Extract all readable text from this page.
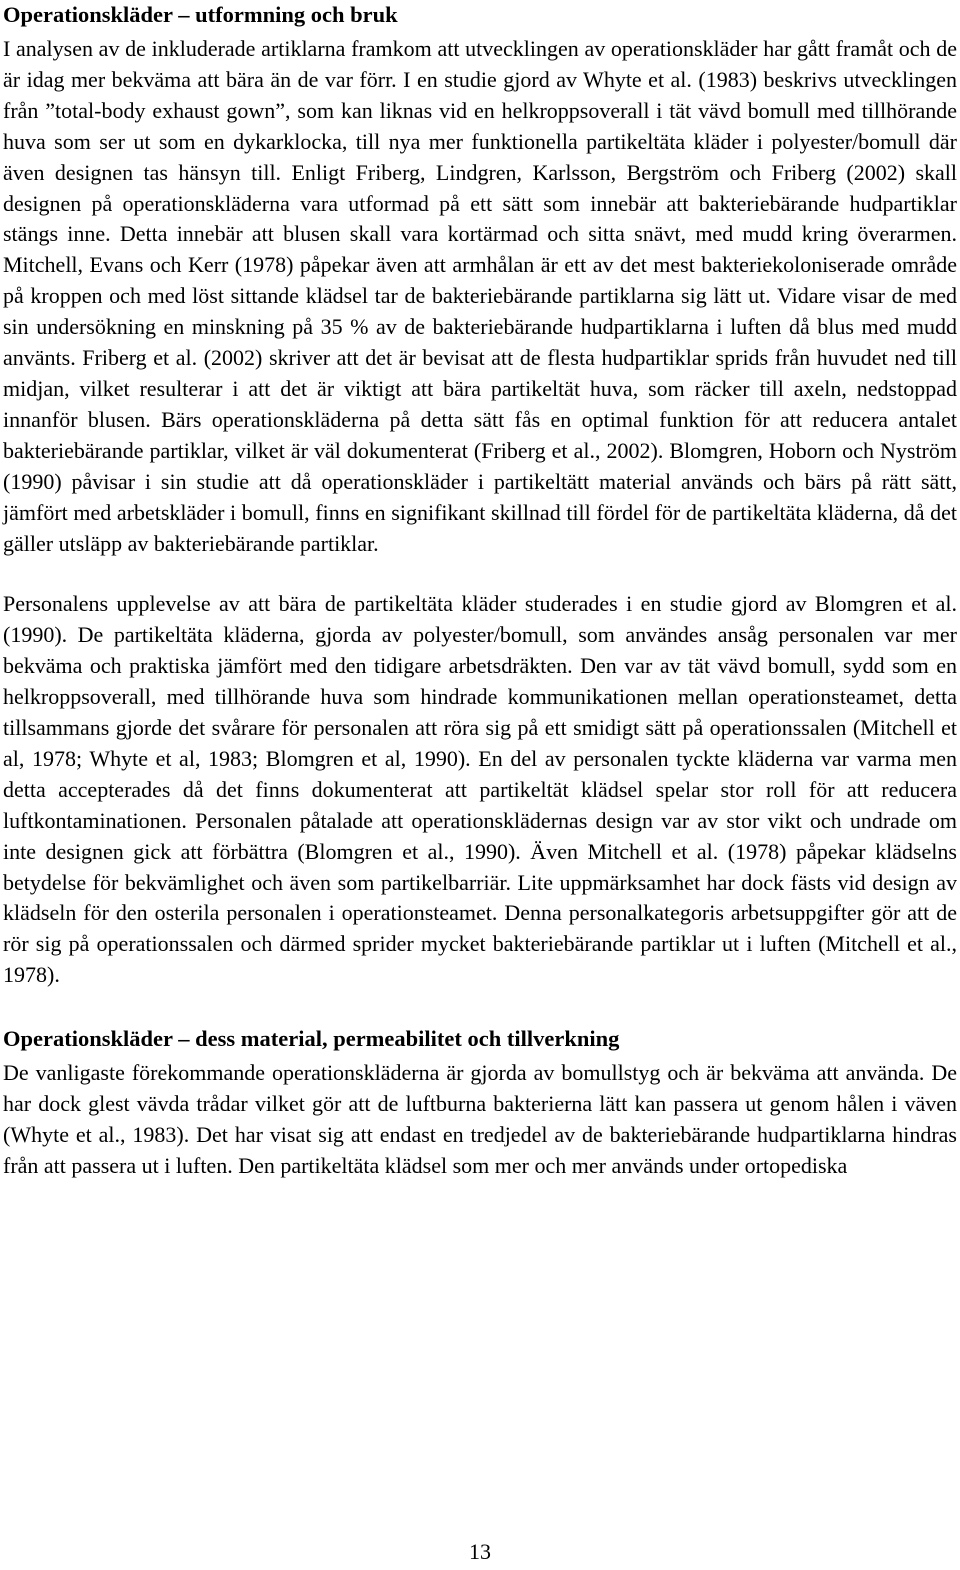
Operationskläder – utformning och bruk

I analysen av de inkluderade artiklarna framkom att utvecklingen av operationskläder har gått framåt och de är idag mer bekväma att bära än de var förr. I en studie gjord av Whyte et al. (1983) beskrivs utvecklingen från ”total-body exhaust gown”, som kan liknas vid en helkroppsoverall i tät vävd bomull med tillhörande huva som ser ut som en dykarklocka, till nya mer funktionella partikeltäta kläder i polyester/bomull där även designen tas hänsyn till. Enligt Friberg, Lindgren, Karlsson, Bergström och Friberg (2002) skall designen på operationskläderna vara utformad på ett sätt som innebär att bakteriebärande hudpartiklar stängs inne. Detta innebär att blusen skall vara kortärmad och sitta snävt, med mudd kring överarmen. Mitchell, Evans och Kerr (1978) påpekar även att armhålan är ett av det mest bakteriekoloniserade område på kroppen och med löst sittande klädsel tar de bakteriebärande partiklarna sig lätt ut. Vidare visar de med sin undersökning en minskning på 35 % av de bakteriebärande hudpartiklarna i luften då blus med mudd använts. Friberg et al. (2002) skriver att det är bevisat att de flesta hudpartiklar sprids från huvudet ned till midjan, vilket resulterar i att det är viktigt att bära partikeltät huva, som räcker till axeln, nedstoppad innanför blusen. Bärs operationskläderna på detta sätt fås en optimal funktion för att reducera antalet bakteriebärande partiklar, vilket är väl dokumenterat (Friberg et al., 2002). Blomgren, Hoborn och Nyström (1990) påvisar i sin studie att då operationskläder i partikeltätt material används och bärs på rätt sätt, jämfört med arbetskläder i bomull, finns en signifikant skillnad till fördel för de partikeltäta kläderna, då det gäller utsläpp av bakteriebärande partiklar.

Personalens upplevelse av att bära de partikeltäta kläder studerades i en studie gjord av Blomgren et al. (1990). De partikeltäta kläderna, gjorda av polyester/bomull, som användes ansåg personalen var mer bekväma och praktiska jämfört med den tidigare arbetsdräkten. Den var av tät vävd bomull, sydd som en helkroppsoverall, med tillhörande huva som hindrade kommunikationen mellan operationsteamet, detta tillsammans gjorde det svårare för personalen att röra sig på ett smidigt sätt på operationssalen (Mitchell et al, 1978; Whyte et al, 1983; Blomgren et al, 1990). En del av personalen tyckte kläderna var varma men detta accepterades då det finns dokumenterat att partikeltät klädsel spelar stor roll för att reducera luftkontaminationen. Personalen påtalade att operationsklädernas design var av stor vikt och undrade om inte designen gick att förbättra (Blomgren et al., 1990). Även Mitchell et al. (1978) påpekar klädselns betydelse för bekvämlighet och även som partikelbarriär. Lite uppmärksamhet har dock fästs vid design av klädseln för den osterila personalen i operationsteamet. Denna personalkategoris arbetsuppgifter gör att de rör sig på operationssalen och därmed sprider mycket bakteriebärande partiklar ut i luften (Mitchell et al., 1978).

Operationskläder – dess material, permeabilitet och tillverkning

De vanligaste förekommande operationskläderna är gjorda av bomullstyg och är bekväma att använda. De har dock glest vävda trådar vilket gör att de luftburna bakterierna lätt kan passera ut genom hålen i väven (Whyte et al., 1983). Det har visat sig att endast en tredjedel av de bakteriebärande hudpartiklarna hindras från att passera ut i luften. Den partikeltäta klädsel som mer och mer används under ortopediska

13
